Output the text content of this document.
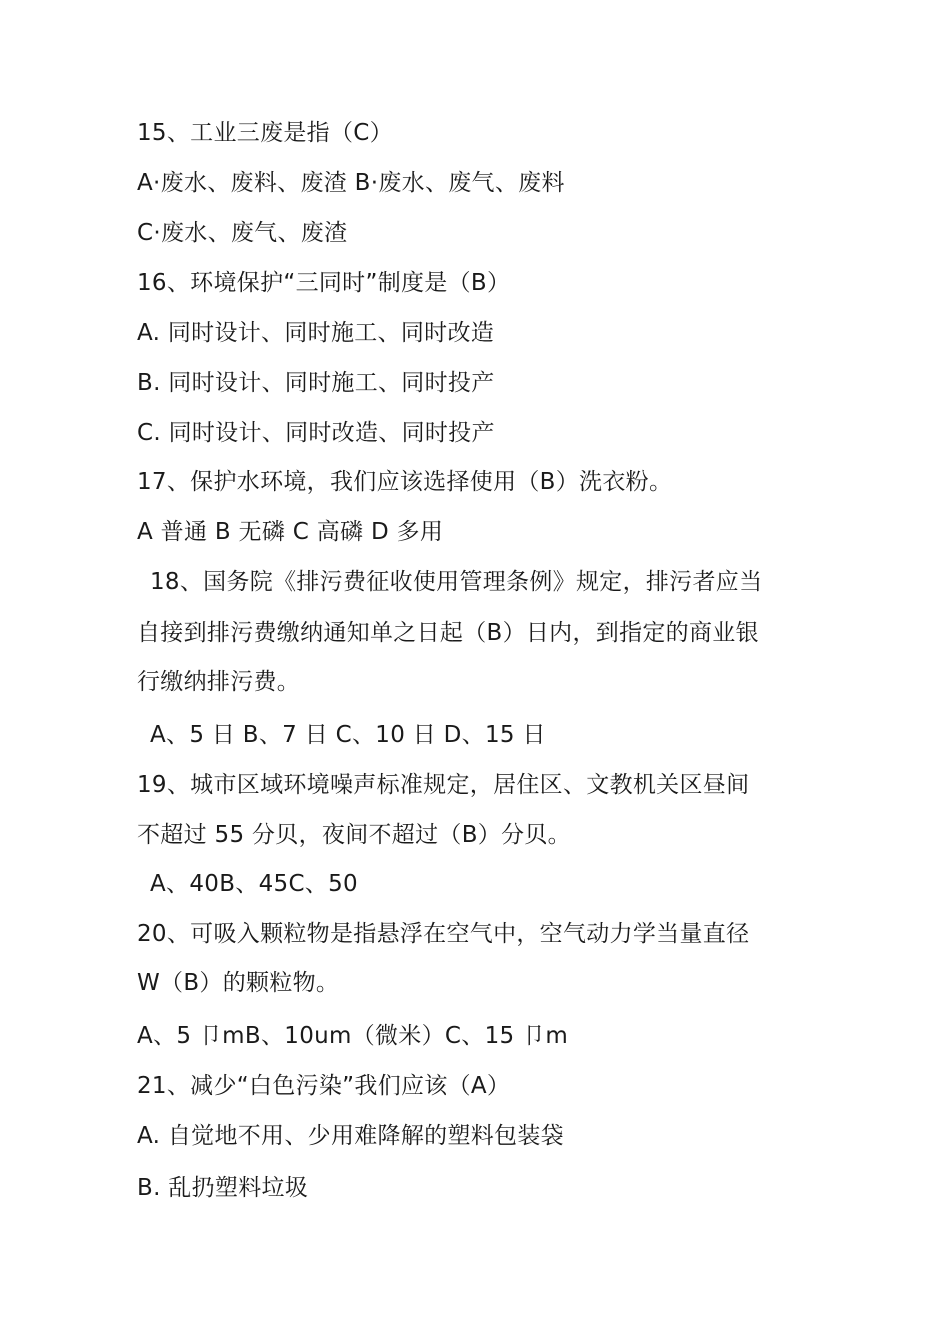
15、工业三废是指（C）
A·废水、废料、废渣 B·废水、废气、废料
C·废水、废气、废渣
16、环境保护“三同时”制度是（B）
A. 同时设计、同时施工、同时改造
B. 同时设计、同时施工、同时投产
C. 同时设计、同时改造、同时投产
17、保护水环境，我们应该选择使用（B）洗衣粉。
A 普通 B 无磷 C 高磷 D 多用
18、国务院《排污费征收使用管理条例》规定，排污者应当
自接到排污费缴纳通知单之日起（B）日内，到指定的商业银
行缴纳排污费。
A、5 日 B、7 日 C、10 日 D、15 日
19、城市区域环境噪声标准规定，居住区、文教机关区昼间
不超过 55 分贝，夜间不超过（B）分贝。
A、40B、45C、50
20、可吸入颗粒物是指悬浮在空气中，空气动力学当量直径
W（B）的颗粒物。
A、5 卩mB、10um（微米）C、15 卩m
21、减少“白色污染”我们应该（A）
A. 自觉地不用、少用难降解的塑料包装袋
B. 乱扔塑料垃圾
